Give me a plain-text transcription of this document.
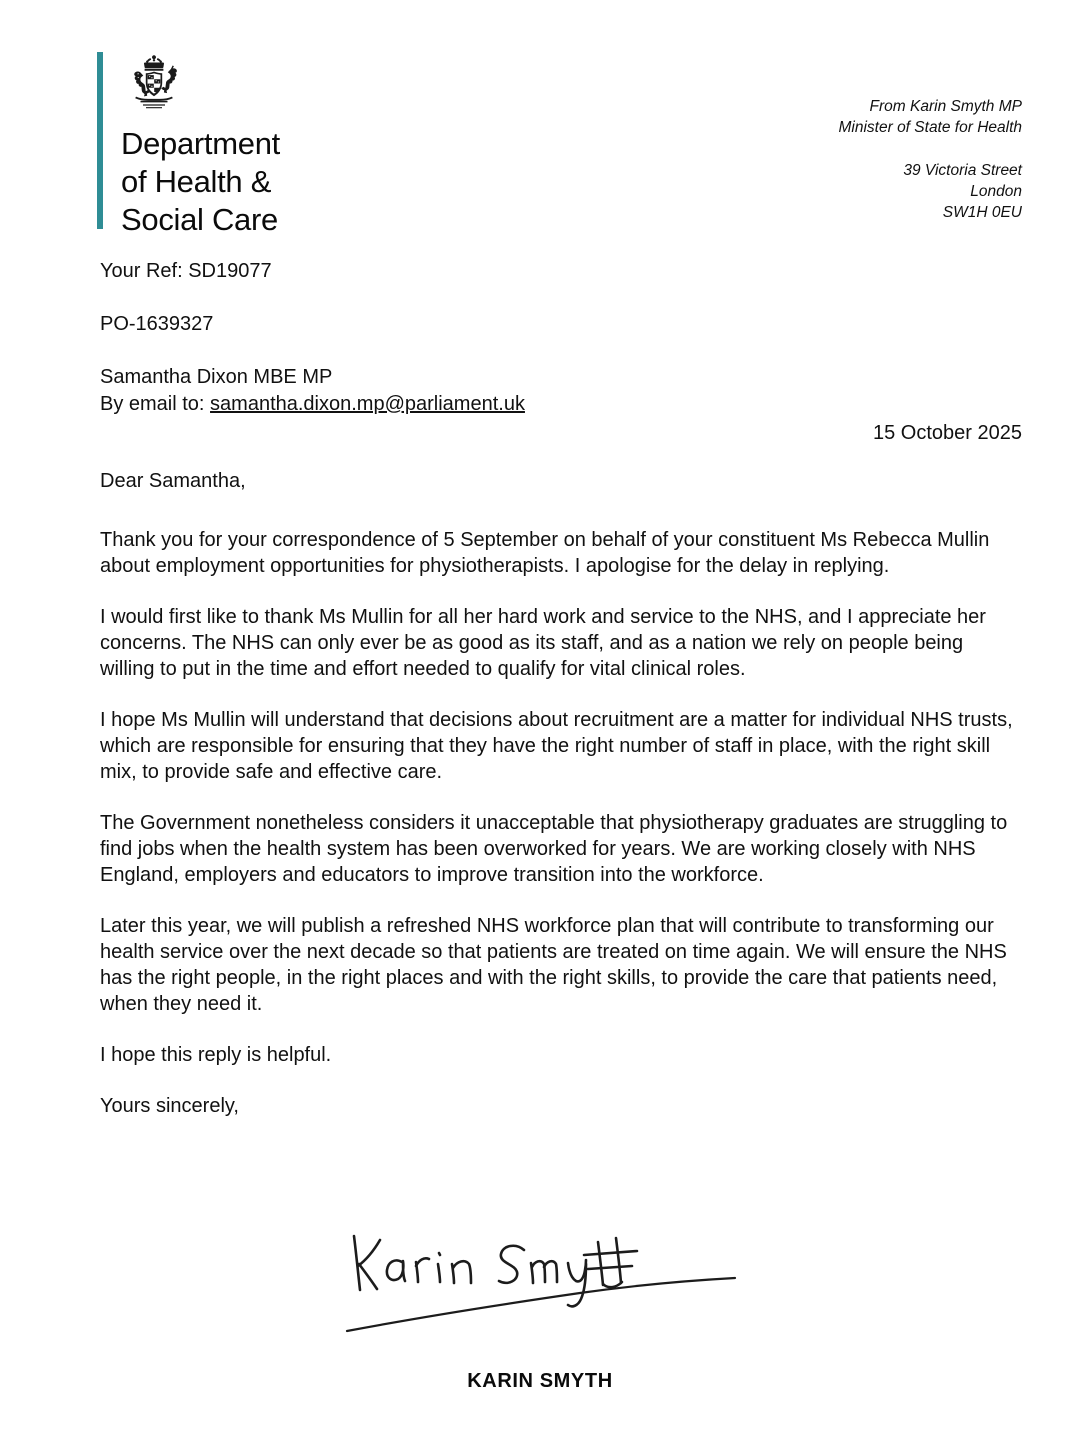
Department
of Health &
Social Care
From Karin Smyth MP
Minister of State for Health
39 Victoria Street
London
SW1H 0EU
Your Ref: SD19077
PO-1639327
Samantha Dixon MBE MP
By email to: samantha.dixon.mp@parliament.uk
15 October 2025

Dear Samantha,

Thank you for your correspondence of 5 September on behalf of your constituent Ms Rebecca Mullin about employment opportunities for physiotherapists. I apologise for the delay in replying.

I would first like to thank Ms Mullin for all her hard work and service to the NHS, and I appreciate her concerns. The NHS can only ever be as good as its staff, and as a nation we rely on people being willing to put in the time and effort needed to qualify for vital clinical roles.

I hope Ms Mullin will understand that decisions about recruitment are a matter for individual NHS trusts, which are responsible for ensuring that they have the right number of staff in place, with the right skill mix, to provide safe and effective care.

The Government nonetheless considers it unacceptable that physiotherapy graduates are struggling to find jobs when the health system has been overworked for years. We are working closely with NHS England, employers and educators to improve transition into the workforce.

Later this year, we will publish a refreshed NHS workforce plan that will contribute to transforming our health service over the next decade so that patients are treated on time again. We will ensure the NHS has the right people, in the right places and with the right skills, to provide the care that patients need, when they need it.

I hope this reply is helpful.

Yours sincerely,

KARIN SMYTH
